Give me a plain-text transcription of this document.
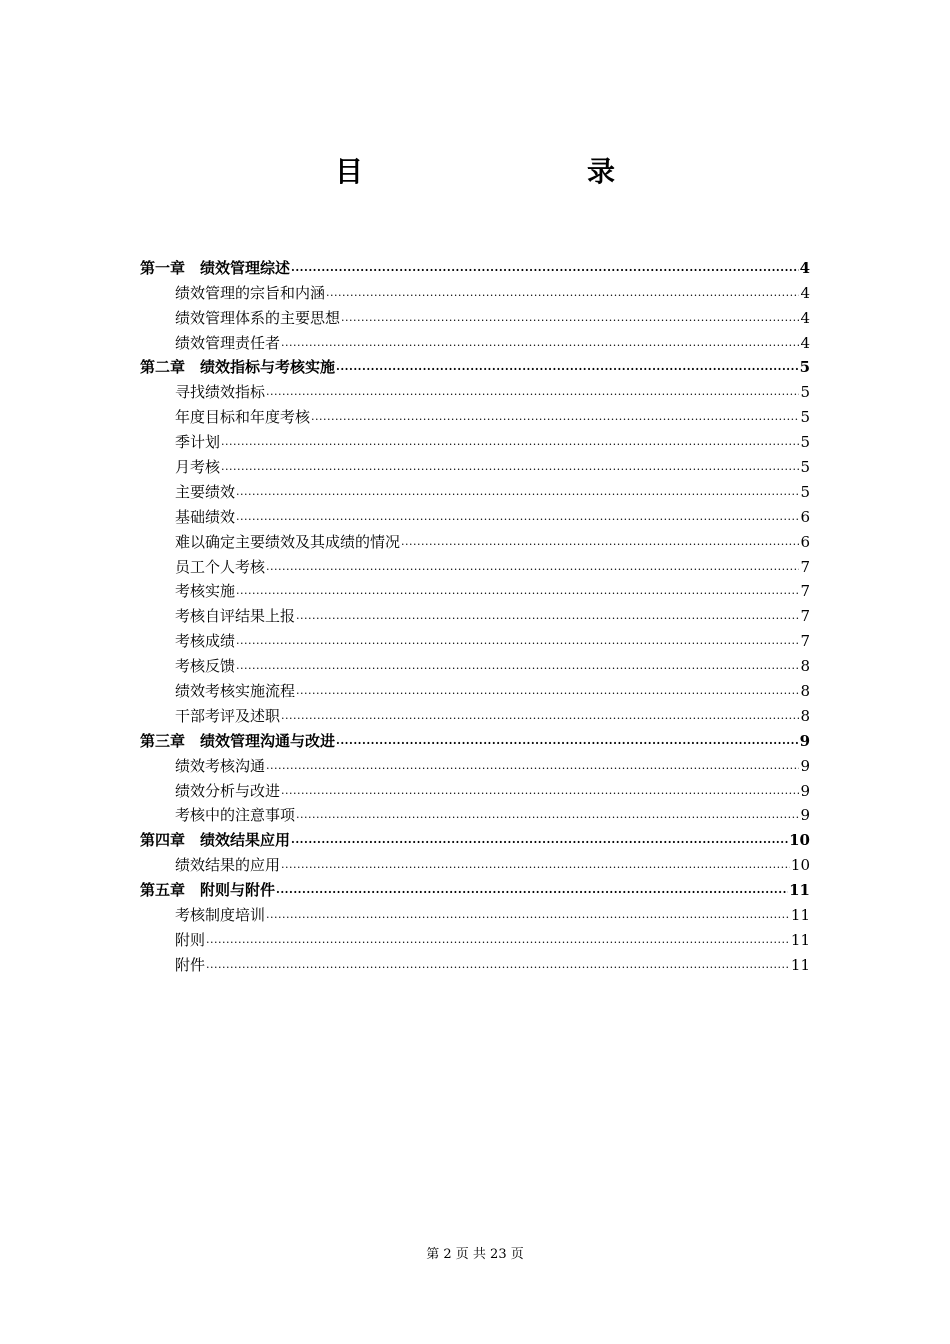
目　　录
第一章　绩效管理综述 .....	4
绩效管理的宗旨和内涵 .....	4
绩效管理体系的主要思想 .....	4
绩效管理责任者 .....	4
第二章　绩效指标与考核实施 .....	5
寻找绩效指标 .....	5
年度目标和年度考核 .....	5
季计划 .....	5
月考核 .....	5
主要绩效 .....	5
基础绩效 .....	6
难以确定主要绩效及其成绩的情况 .....	6
员工个人考核 .....	7
考核实施 .....	7
考核自评结果上报 .....	7
考核成绩 .....	7
考核反馈 .....	8
绩效考核实施流程 .....	8
干部考评及述职 .....	8
第三章　绩效管理沟通与改进 .....	9
绩效考核沟通 .....	9
绩效分析与改进 .....	9
考核中的注意事项 .....	9
第四章　绩效结果应用 .....	10
绩效结果的应用 .....	10
第五章　附则与附件 .....	11
考核制度培训 .....	11
附则 .....	11
附件 .....	11
第 2 页 共 23 页
